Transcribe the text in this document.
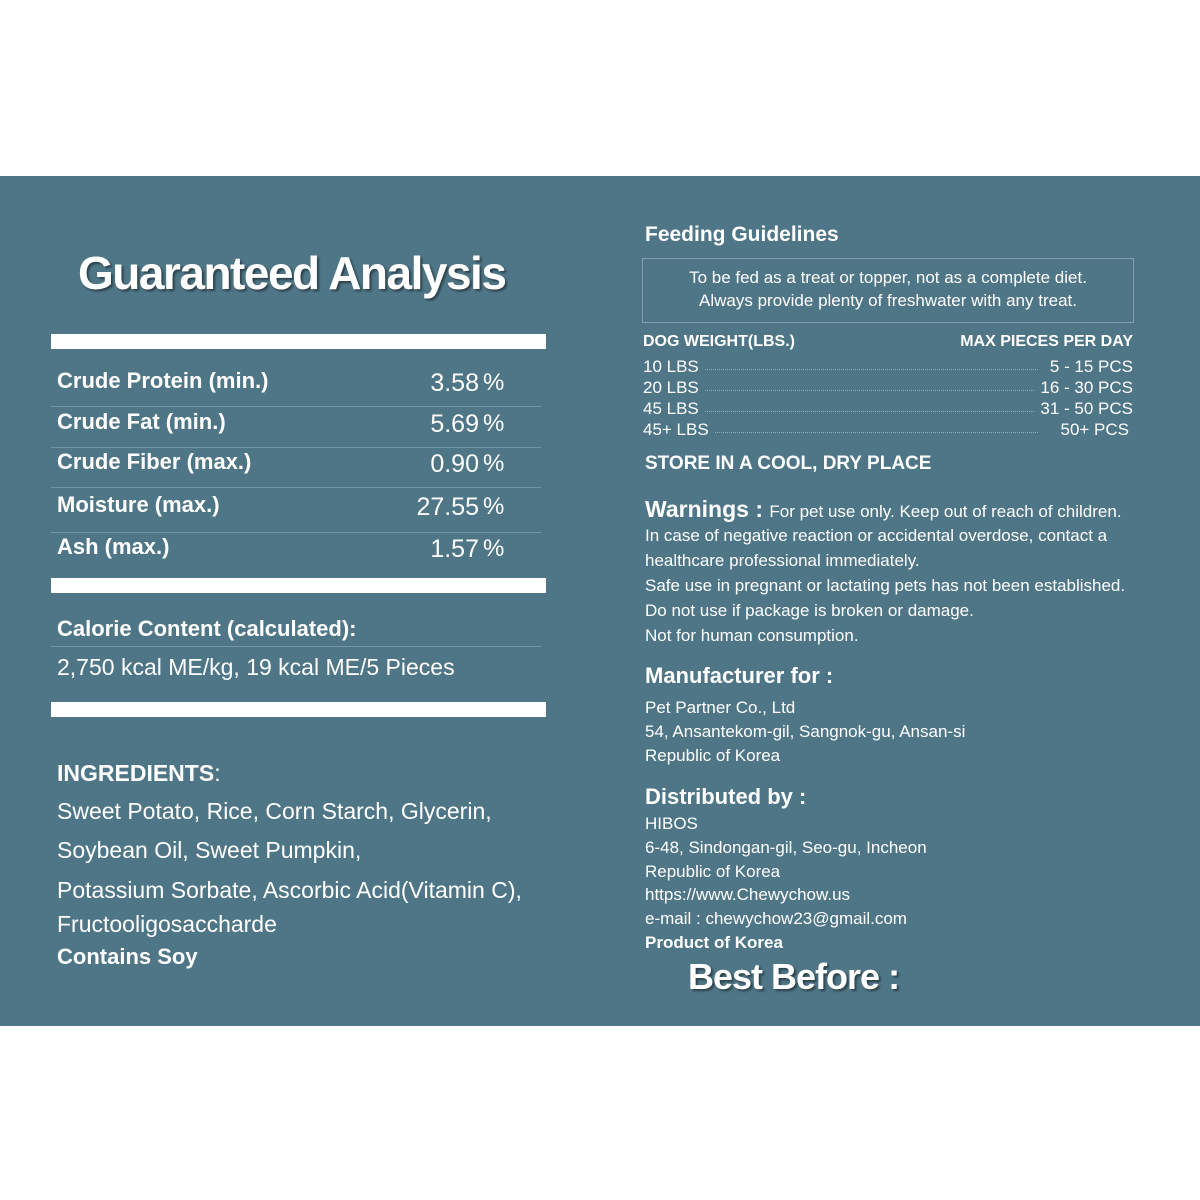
Guaranteed Analysis
Crude Protein (min.)	3.58 %
Crude Fat (min.)	5.69 %
Crude Fiber (max.)	0.90 %
Moisture (max.)	27.55 %
Ash (max.)	1.57 %
Calorie Content (calculated):
2,750 kcal ME/kg, 19 kcal ME/5 Pieces
INGREDIENTS:
Sweet Potato, Rice, Corn Starch, Glycerin,
Soybean Oil, Sweet Pumpkin,
Potassium Sorbate, Ascorbic Acid(Vitamin C),
Fructooligosaccharde
Contains Soy
Feeding Guidelines
To be fed as a treat or topper, not as a complete diet.
Always provide plenty of freshwater with any treat.
DOG WEIGHT(LBS.)	MAX PIECES PER DAY
10 LBS	5 - 15 PCS
20 LBS	16 - 30 PCS
45 LBS	31 - 50 PCS
45+ LBS	50+ PCS
STORE IN A COOL, DRY PLACE
Warnings : For pet use only. Keep out of reach of children.
In case of negative reaction or accidental overdose, contact a
healthcare professional immediately.
Safe use in pregnant or lactating pets has not been established.
Do not use if package is broken or damage.
Not for human consumption.
Manufacturer for :
Pet Partner Co., Ltd
54, Ansantekom-gil, Sangnok-gu, Ansan-si
Republic of Korea
Distributed by :
HIBOS
6-48, Sindongan-gil, Seo-gu, Incheon
Republic of Korea
https://www.Chewychow.us
e-mail : chewychow23@gmail.com
Product of Korea
Best Before :
